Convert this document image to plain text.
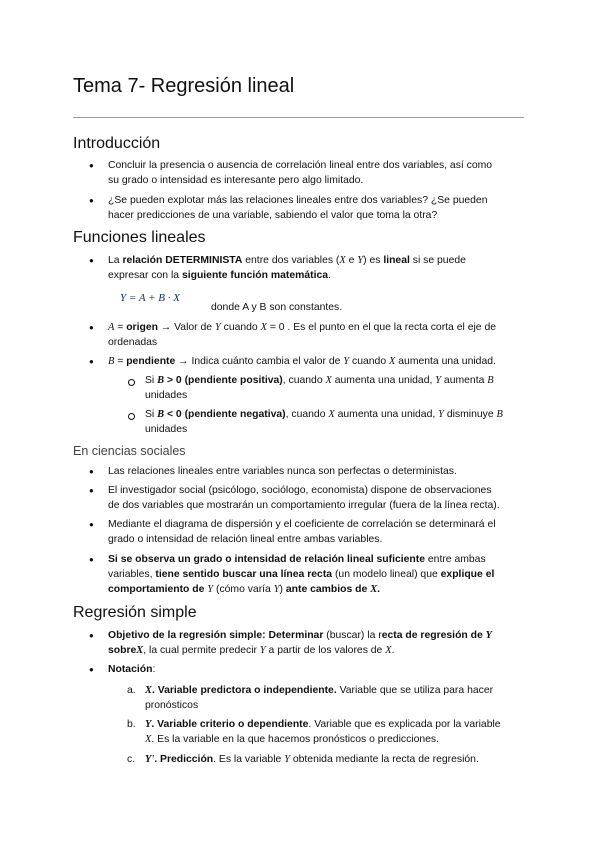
Tema 7- Regresión lineal
Introducción
● Concluir la presencia o ausencia de correlación lineal entre dos variables, así como
su grado o intensidad es interesante pero algo limitado.
● ¿Se pueden explotar más las relaciones lineales entre dos variables? ¿Se pueden
hacer predicciones de una variable, sabiendo el valor que toma la otra?
Funciones lineales
● La relación DETERMINISTA entre dos variables (X e Y) es lineal si se puede
expresar con la siguiente función matemática.
Y = A + B · X
donde A y B son constantes.
● A = origen → Valor de Y cuando X = 0 . Es el punto en el que la recta corta el eje de
ordenadas
● B = pendiente → Indica cuánto cambia el valor de Y cuando X aumenta una unidad.
Si B > 0 (pendiente positiva), cuando X aumenta una unidad, Y aumenta B
unidades
Si B < 0 (pendiente negativa), cuando X aumenta una unidad, Y disminuye B
unidades
En ciencias sociales
● Las relaciones lineales entre variables nunca son perfectas o deterministas.
● El investigador social (psicólogo, sociólogo, economista) dispone de observaciones
de dos variables que mostrarán un comportamiento irregular (fuera de la línea recta).
● Mediante el diagrama de dispersión y el coeficiente de correlación se determinará el
grado o intensidad de relación lineal entre ambas variables.
● Si se observa un grado o intensidad de relación lineal suficiente entre ambas
variables, tiene sentido buscar una línea recta (un modelo lineal) que explique el
comportamiento de Y (cómo varía Y) ante cambios de X.
Regresión simple
● Objetivo de la regresión simple: Determinar (buscar) la recta de regresión de Y
sobreX, la cual permite predecir Y a partir de los valores de X.
● Notación:
a. X. Variable predictora o independiente. Variable que se utiliza para hacer
pronósticos
b. Y. Variable criterio o dependiente. Variable que es explicada por la variable
X. Es la variable en la que hacemos pronósticos o predicciones.
c. Y'. Predicción. Es la variable Y obtenida mediante la recta de regresión.
